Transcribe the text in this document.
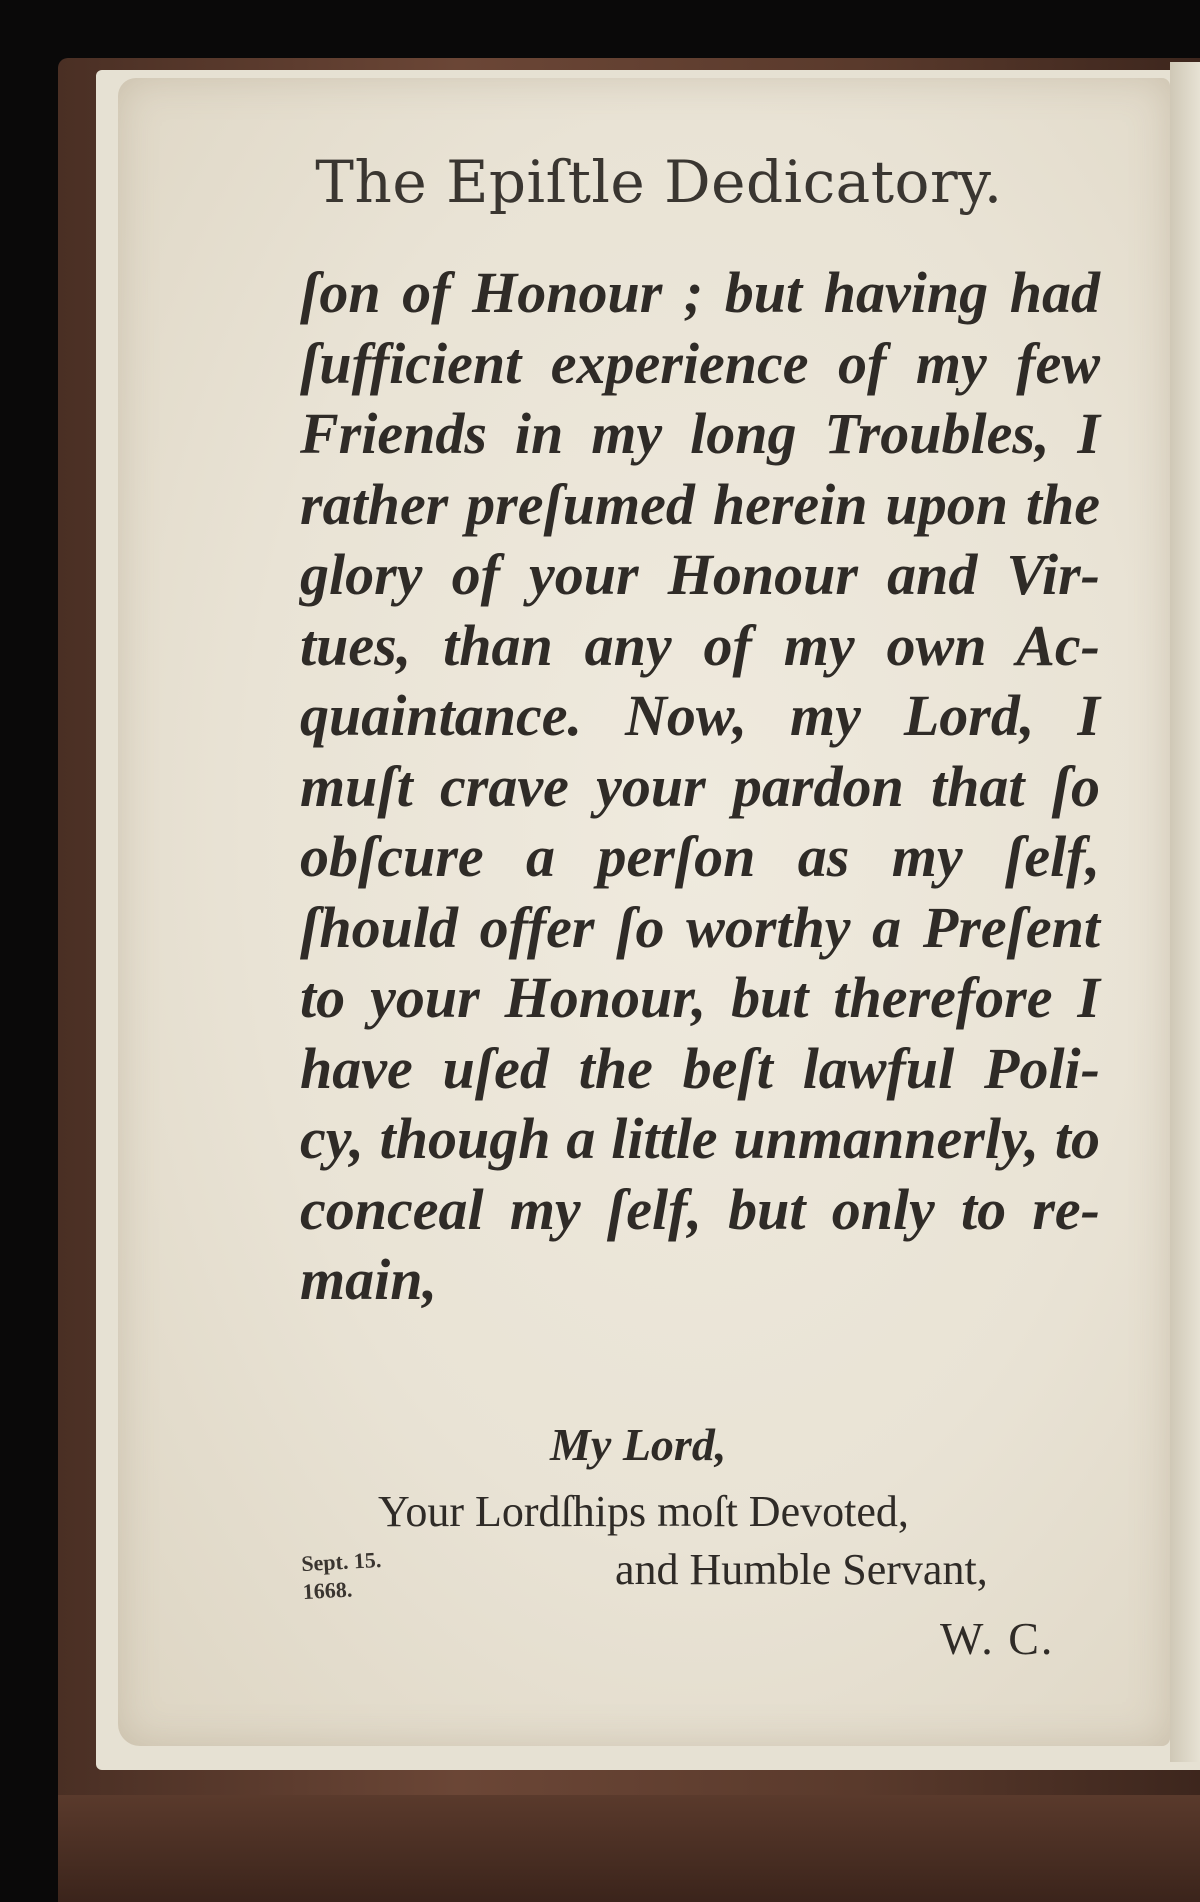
The Epiſtle Dedicatory.
ſon of Honour ; but having had
ſufficient experience of my few
Friends in my long Troubles, I
rather preſumed herein upon the
glory of your Honour and Vir-
tues, than any of my own Ac-
quaintance. Now, my Lord, I
muſt crave your pardon that ſo
obſcure a perſon as my ſelf,
ſhould offer ſo worthy a Preſent
to your Honour, but therefore I
have uſed the beſt lawful Poli-
cy, though a little unmannerly, to
conceal my ſelf, but only to re-
main,
My Lord,
Your Lordſhips moſt Devoted,
and Humble Servant,
W. C.
Sept. 15.
1668.
